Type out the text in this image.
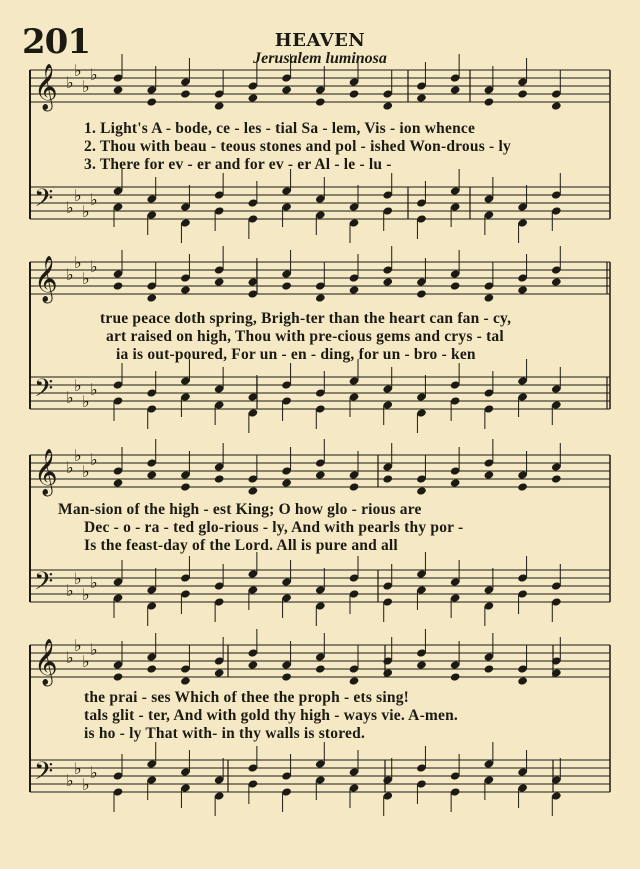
201	HEAVEN
Jerusalem luminosa
𝄞 ♭
♭
♭
♭
𝄢 ♭
♭
♭
♭
𝄞 ♭
♭
♭
♭
𝄢 ♭
♭
♭
♭
𝄞 ♭
♭
♭
♭
𝄢 ♭
♭
♭
♭
𝄞 ♭
♭
♭
♭
𝄢 ♭
♭
♭
♭
1. Light's A - bode, ce - les - tial Sa - lem, Vis - ion whence
2. Thou with beau - teous stones and pol - ished Won-drous - ly
3. There for ev - er and for ev - er Al - le - lu -
true peace doth spring, Brigh-ter than the heart can fan - cy,
art raised on high, Thou with pre-cious gems and crys - tal
ia is out-poured, For un - en - ding, for un - bro - ken
Man-sion of the high - est King; O how glo - rious are
Dec - o - ra - ted glo-rious - ly, And with pearls thy por -
Is the feast-day of the Lord. All is pure and all
the prai - ses Which of thee the proph - ets sing!
tals glit - ter, And with gold thy high - ways vie. A-men.
is ho - ly That with- in thy walls is stored.
